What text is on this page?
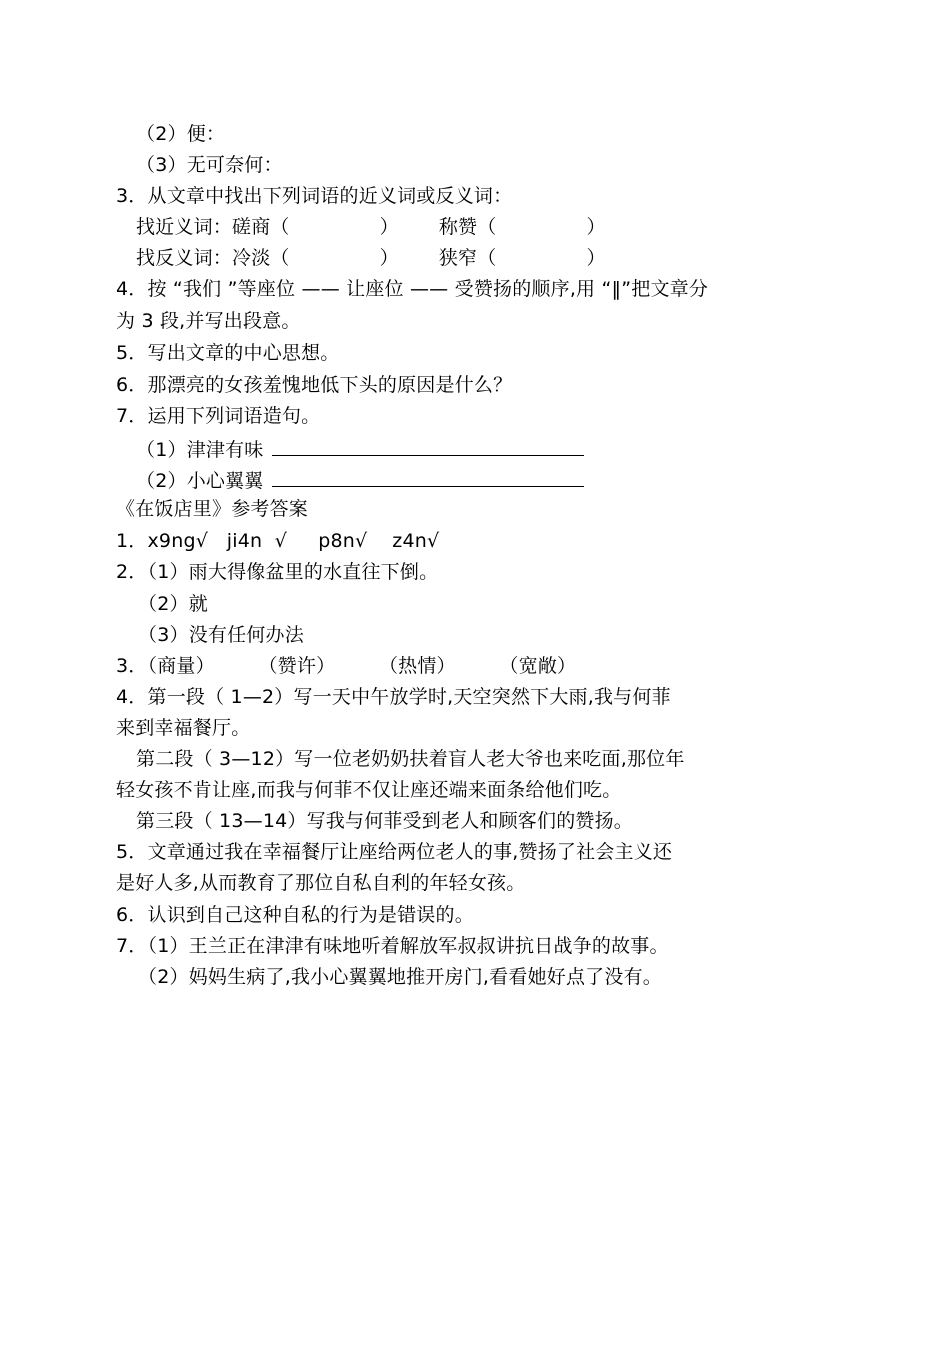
（2）便：
（3）无可奈何：
3．从文章中找出下列词语的近义词或反义词：
找近义词：磋商（	） 称赞（	）
找反义词：冷淡（	） 狭窄（	）
4．按 “我们 ”等座位 —— 让座位 —— 受赞扬的顺序,用 “‖”把文章分
为 3 段,并写出段意。
5．写出文章的中心思想。
6．那漂亮的女孩羞愧地低下头的原因是什么？
7．运用下列词语造句。
（1）津津有味
（2）小心翼翼
《在饭店里》参考答案
1．x9ng√   ji4n  √     p8n√    z4n√
2．（1）雨大得像盆里的水直往下倒。
（2）就
（3）没有任何办法
3．（商量）       （赞许）       （热情）       （宽敞）
4．第一段（ 1—2）写一天中午放学时,天空突然下大雨,我与何菲
来到幸福餐厅。
第二段（ 3—12）写一位老奶奶扶着盲人老大爷也来吃面,那位年
轻女孩不肯让座,而我与何菲不仅让座还端来面条给他们吃。
第三段（ 13—14）写我与何菲受到老人和顾客们的赞扬。
5．文章通过我在幸福餐厅让座给两位老人的事,赞扬了社会主义还
是好人多,从而教育了那位自私自利的年轻女孩。
6．认识到自己这种自私的行为是错误的。
7．（1）王兰正在津津有味地听着解放军叔叔讲抗日战争的故事。
（2）妈妈生病了,我小心翼翼地推开房门,看看她好点了没有。
